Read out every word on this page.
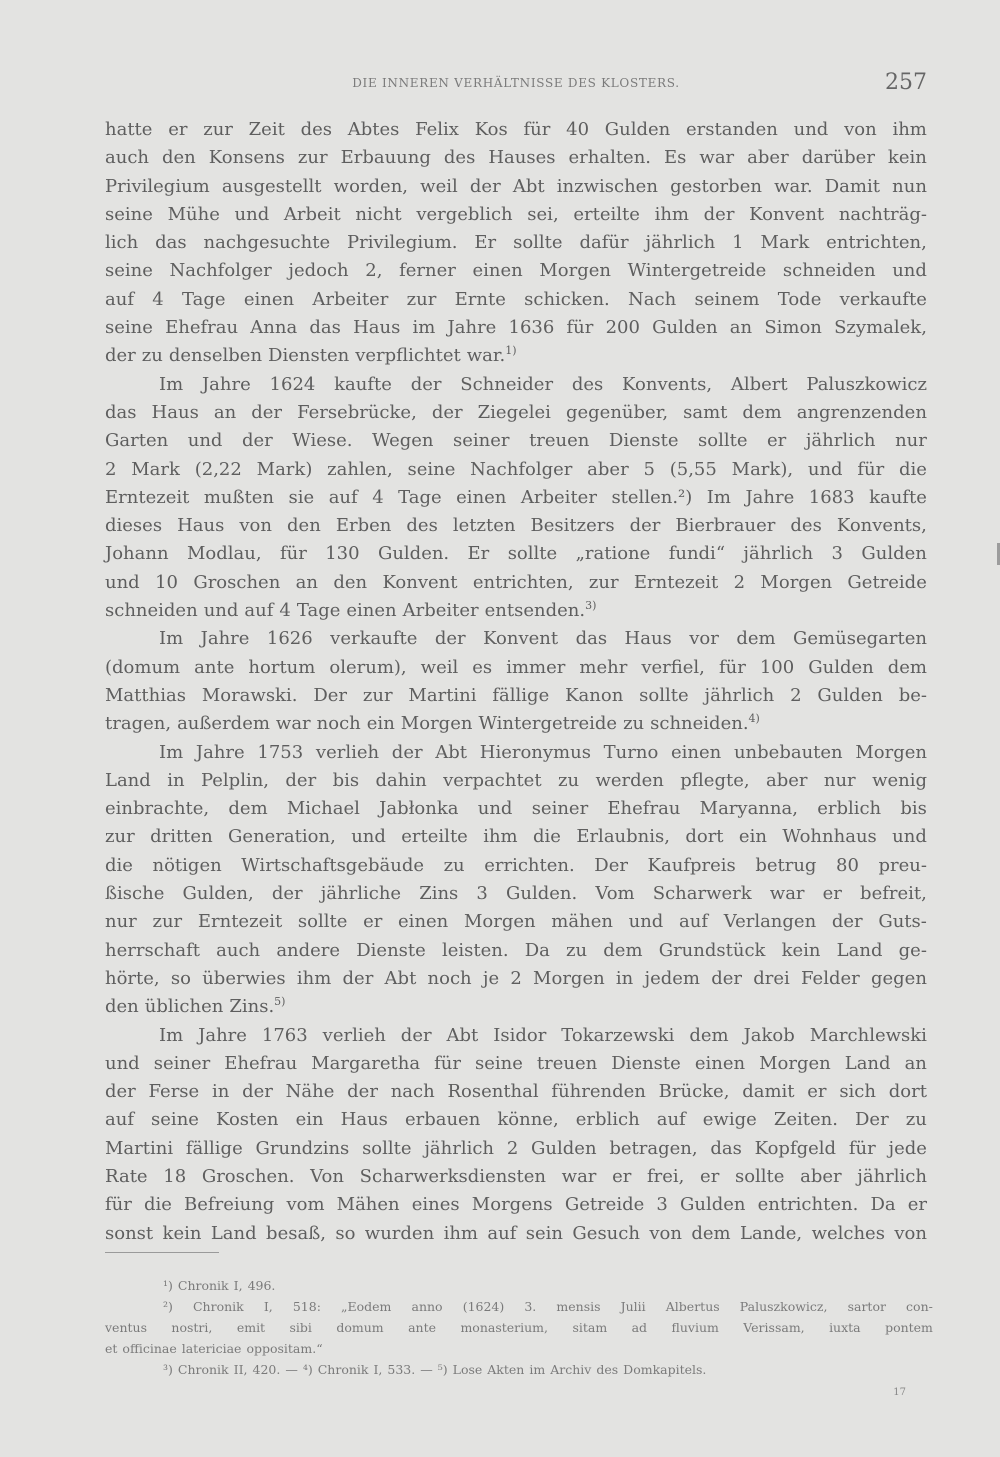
DIE INNEREN VERHÄLTNISSE DES KLOSTERS.	257
hatte er zur Zeit des Abtes Felix Kos für 40 Gulden erstanden und von ihm
auch den Konsens zur Erbauung des Hauses erhalten. Es war aber darüber kein
Privilegium ausgestellt worden, weil der Abt inzwischen gestorben war. Damit nun
seine Mühe und Arbeit nicht vergeblich sei, erteilte ihm der Konvent nachträg-
lich das nachgesuchte Privilegium. Er sollte dafür jährlich 1 Mark entrichten,
seine Nachfolger jedoch 2, ferner einen Morgen Wintergetreide schneiden und
auf 4 Tage einen Arbeiter zur Ernte schicken. Nach seinem Tode verkaufte
seine Ehefrau Anna das Haus im Jahre 1636 für 200 Gulden an Simon Szymalek,
der zu denselben Diensten verpflichtet war.$^{1)}$
Im Jahre 1624 kaufte der Schneider des Konvents, Albert Paluszkowicz
das Haus an der Fersebrücke, der Ziegelei gegenüber, samt dem angrenzenden
Garten und der Wiese. Wegen seiner treuen Dienste sollte er jährlich nur
2 Mark (2,22 Mark) zahlen, seine Nachfolger aber 5 (5,55 Mark), und für die
Erntezeit mußten sie auf 4 Tage einen Arbeiter stellen.²) Im Jahre 1683 kaufte
dieses Haus von den Erben des letzten Besitzers der Bierbrauer des Konvents,
Johann Modlau, für 130 Gulden. Er sollte „ratione fundi“ jährlich 3 Gulden
und 10 Groschen an den Konvent entrichten, zur Erntezeit 2 Morgen Getreide
schneiden und auf 4 Tage einen Arbeiter entsenden.$^{3)}$
Im Jahre 1626 verkaufte der Konvent das Haus vor dem Gemüsegarten
(domum ante hortum olerum), weil es immer mehr verfiel, für 100 Gulden dem
Matthias Morawski. Der zur Martini fällige Kanon sollte jährlich 2 Gulden be-
tragen, außerdem war noch ein Morgen Wintergetreide zu schneiden.$^{4)}$
Im Jahre 1753 verlieh der Abt Hieronymus Turno einen unbebauten Morgen
Land in Pelplin, der bis dahin verpachtet zu werden pflegte, aber nur wenig
einbrachte, dem Michael Jabłonka und seiner Ehefrau Maryanna, erblich bis
zur dritten Generation, und erteilte ihm die Erlaubnis, dort ein Wohnhaus und
die nötigen Wirtschaftsgebäude zu errichten. Der Kaufpreis betrug 80 preu-
ßische Gulden, der jährliche Zins 3 Gulden. Vom Scharwerk war er befreit,
nur zur Erntezeit sollte er einen Morgen mähen und auf Verlangen der Guts-
herrschaft auch andere Dienste leisten. Da zu dem Grundstück kein Land ge-
hörte, so überwies ihm der Abt noch je 2 Morgen in jedem der drei Felder gegen
den üblichen Zins.$^{5)}$
Im Jahre 1763 verlieh der Abt Isidor Tokarzewski dem Jakob Marchlewski
und seiner Ehefrau Margaretha für seine treuen Dienste einen Morgen Land an
der Ferse in der Nähe der nach Rosenthal führenden Brücke, damit er sich dort
auf seine Kosten ein Haus erbauen könne, erblich auf ewige Zeiten. Der zu
Martini fällige Grundzins sollte jährlich 2 Gulden betragen, das Kopfgeld für jede
Rate 18 Groschen. Von Scharwerksdiensten war er frei, er sollte aber jährlich
für die Befreiung vom Mähen eines Morgens Getreide 3 Gulden entrichten. Da er
sonst kein Land besaß, so wurden ihm auf sein Gesuch von dem Lande, welches von
¹) Chronik I, 496.
²) Chronik I, 518: „Eodem anno (1624) 3. mensis Julii Albertus Paluszkowicz, sartor con-
ventus nostri, emit sibi domum ante monasterium, sitam ad fluvium Verissam, iuxta pontem
et officinae latericiae oppositam.“
³) Chronik II, 420. — ⁴) Chronik I, 533. — ⁵) Lose Akten im Archiv des Domkapitels.
17
